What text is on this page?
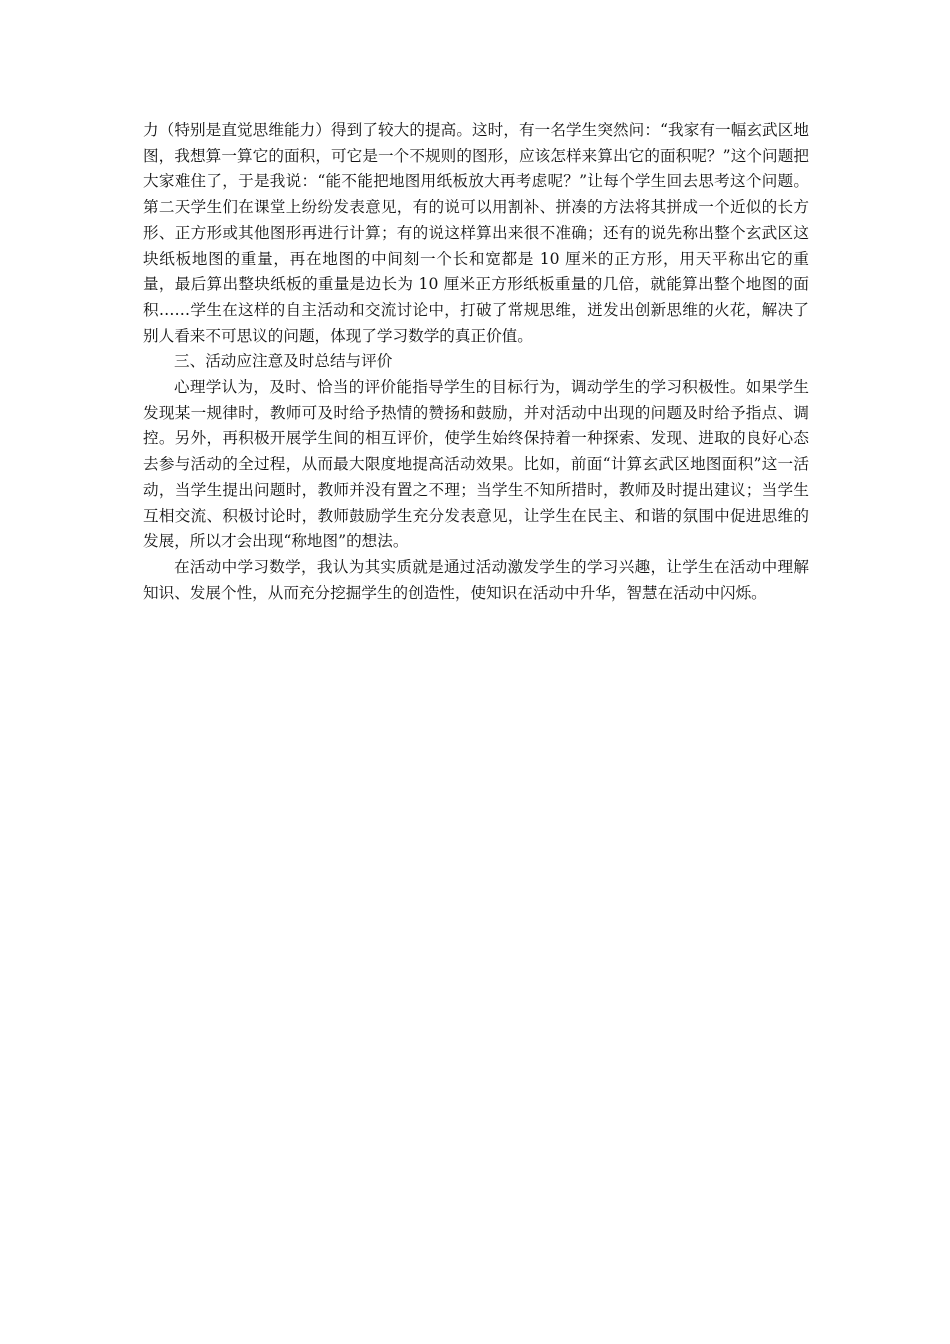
力（特别是直觉思维能力）得到了较大的提高。这时，有一名学生突然问：“我家有一幅玄武区地图，我想算一算它的面积，可它是一个不规则的图形，应该怎样来算出它的面积呢？”这个问题把大家难住了，于是我说：“能不能把地图用纸板放大再考虑呢？”让每个学生回去思考这个问题。第二天学生们在课堂上纷纷发表意见，有的说可以用割补、拼凑的方法将其拼成一个近似的长方形、正方形或其他图形再进行计算；有的说这样算出来很不准确；还有的说先称出整个玄武区这块纸板地图的重量，再在地图的中间刻一个长和宽都是 10 厘米的正方形，用天平称出它的重量，最后算出整块纸板的重量是边长为 10 厘米正方形纸板重量的几倍，就能算出整个地图的面积……学生在这样的自主活动和交流讨论中，打破了常规思维，迸发出创新思维的火花，解决了别人看来不可思议的问题，体现了学习数学的真正价值。

三、活动应注意及时总结与评价

心理学认为，及时、恰当的评价能指导学生的目标行为，调动学生的学习积极性。如果学生发现某一规律时，教师可及时给予热情的赞扬和鼓励，并对活动中出现的问题及时给予指点、调控。另外，再积极开展学生间的相互评价，使学生始终保持着一种探索、发现、进取的良好心态去参与活动的全过程，从而最大限度地提高活动效果。比如，前面“计算玄武区地图面积”这一活动，当学生提出问题时，教师并没有置之不理；当学生不知所措时，教师及时提出建议；当学生互相交流、积极讨论时，教师鼓励学生充分发表意见，让学生在民主、和谐的氛围中促进思维的发展，所以才会出现“称地图”的想法。

在活动中学习数学，我认为其实质就是通过活动激发学生的学习兴趣，让学生在活动中理解知识、发展个性，从而充分挖掘学生的创造性，使知识在活动中升华，智慧在活动中闪烁。
